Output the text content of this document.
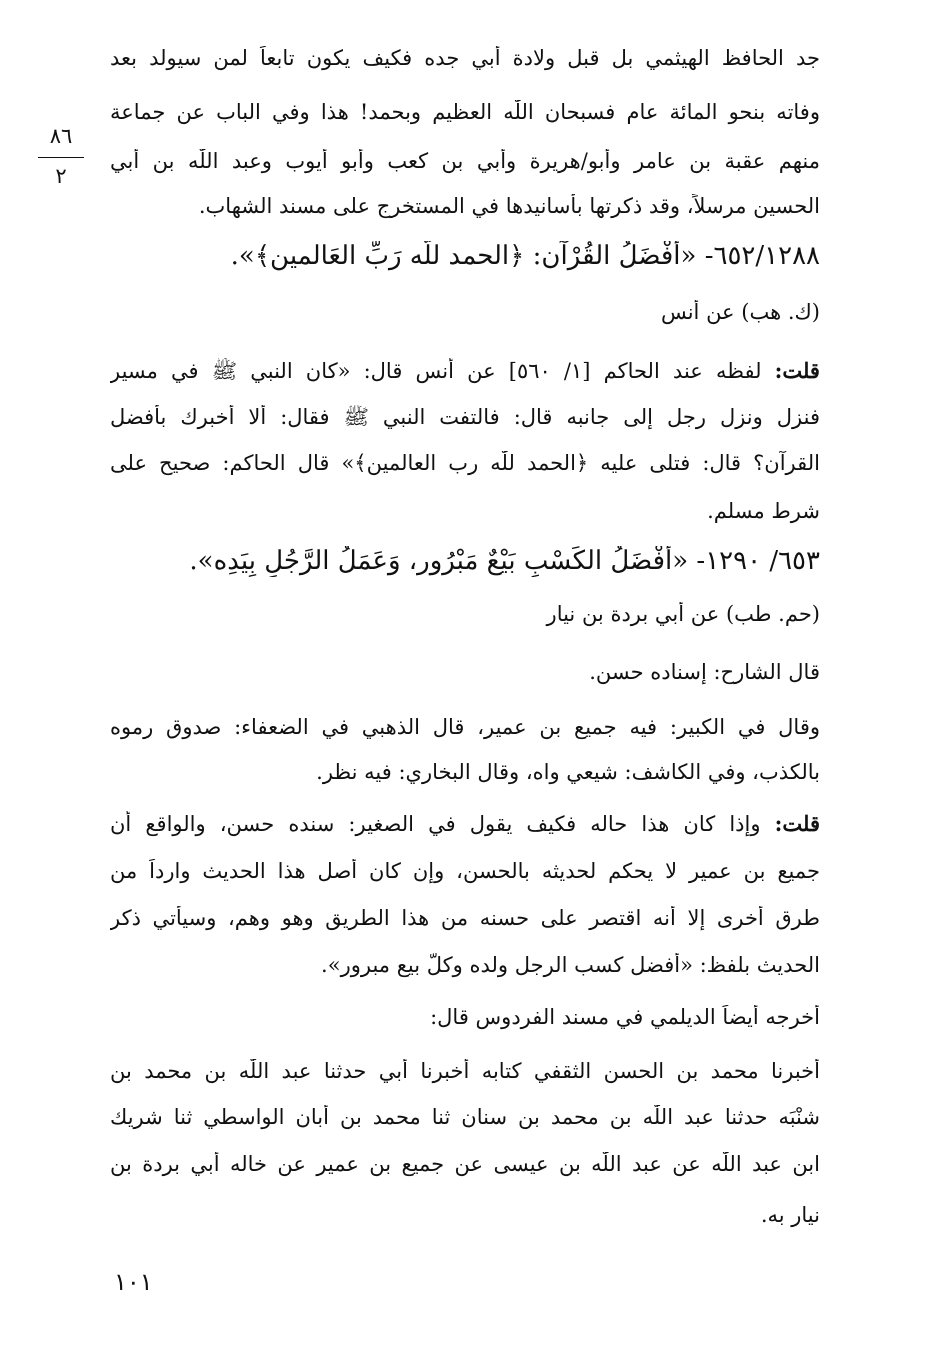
٨٦
٢
جد الحافظ الهيثمي بل قبل ولادة أبي جده فكيف يكون تابعاً لمن سيولد بعد
وفاته بنحو المائة عام فسبحان اللّٰه العظيم وبحمد! هذا وفي الباب عن جماعة
منهم عقبة بن عامر وأبو/هريرة وأبي بن كعب وأبو أيوب وعبد اللّٰه بن أبي
الحسين مرسلاً، وقد ذكرتها بأسانيدها في المستخرج على مسند الشهاب.
٦٥٢/١٢٨٨- «أَفْضَلُ القُرْآن: ﴿الحمد للَّه رَبِّ العَالمين﴾».
(ك. هب) عن أنس
قلت: لفظه عند الحاكم [١/ ٥٦٠] عن أنس قال: «كان النبي ﷺ في مسير
فنزل ونزل رجل إلى جانبه قال: فالتفت النبي ﷺ فقال: ألا أخبرك بأفضل
القرآن؟ قال: فتلى عليه ﴿الحمد للّٰه رب العالمين﴾» قال الحاكم: صحيح على
شرط مسلم.
٦٥٣/ ١٢٩٠- «أَفْضَلُ الكَسْبِ بَيْعٌ مَبْرُور، وَعَمَلُ الرَّجُلِ بِيَدِه».
(حم. طب) عن أبي بردة بن نيار
قال الشارح: إسناده حسن.
وقال في الكبير: فيه جميع بن عمير، قال الذهبي في الضعفاء: صدوق رموه
بالكذب، وفي الكاشف: شيعي واه، وقال البخاري: فيه نظر.
قلت: وإذا كان هذا حاله فكيف يقول في الصغير: سنده حسن، والواقع أن
جميع بن عمير لا يحكم لحديثه بالحسن، وإن كان أصل هذا الحديث وارداً من
طرق أخرى إلا أنه اقتصر على حسنه من هذا الطريق وهو وهم، وسيأتي ذكر
الحديث بلفظ: «أفضل كسب الرجل ولده وكلُّ بيع مبرور».
أخرجه أيضاً الديلمي في مسند الفردوس قال:
أخبرنا محمد بن الحسن الثقفي كتابه أخبرنا أبي حدثنا عبد اللّٰه بن محمد بن
شنْبَه حدثنا عبد اللّٰه بن محمد بن سنان ثنا محمد بن أبان الواسطي ثنا شريك
ابن عبد اللّٰه عن عبد اللّٰه بن عيسى عن جميع بن عمير عن خاله أبي بردة بن
نيار به.
١٠١
